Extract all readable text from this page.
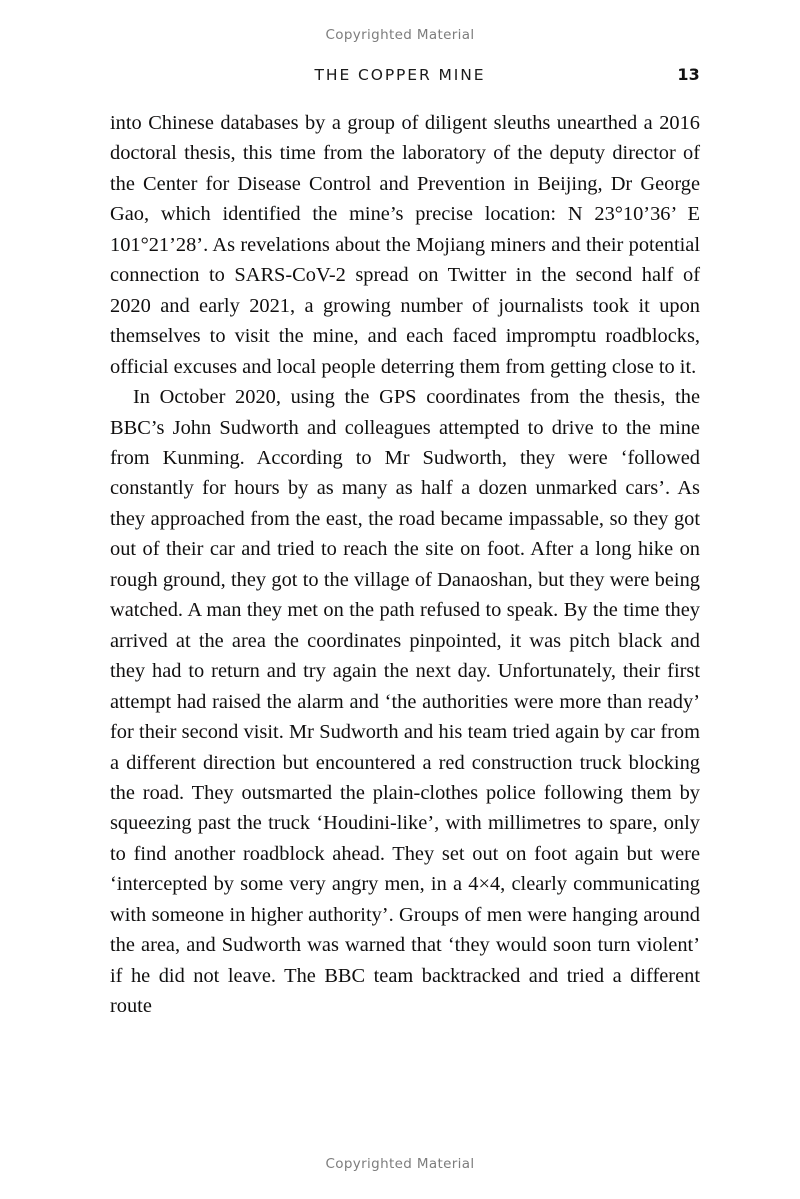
Copyrighted Material
THE COPPER MINE	13

into Chinese databases by a group of diligent sleuths unearthed a 2016 doctoral thesis, this time from the laboratory of the deputy director of the Center for Disease Control and Prevention in Beijing, Dr George Gao, which identified the mine’s precise location: N 23°10’36’ E 101°21’28’. As revelations about the Mojiang miners and their potential connection to SARS-CoV-2 spread on Twitter in the second half of 2020 and early 2021, a growing number of journalists took it upon themselves to visit the mine, and each faced impromptu roadblocks, official excuses and local people deterring them from getting close to it.

In October 2020, using the GPS coordinates from the thesis, the BBC’s John Sudworth and colleagues attempted to drive to the mine from Kunming. According to Mr Sudworth, they were ‘followed constantly for hours by as many as half a dozen unmarked cars’. As they approached from the east, the road became impassable, so they got out of their car and tried to reach the site on foot. After a long hike on rough ground, they got to the village of Danaoshan, but they were being watched. A man they met on the path refused to speak. By the time they arrived at the area the coordinates pinpointed, it was pitch black and they had to return and try again the next day. Unfortunately, their first attempt had raised the alarm and ‘the authorities were more than ready’ for their second visit. Mr Sudworth and his team tried again by car from a different direction but encountered a red construction truck blocking the road. They outsmarted the plain-clothes police following them by squeezing past the truck ‘Houdini-like’, with millimetres to spare, only to find another roadblock ahead. They set out on foot again but were ‘intercepted by some very angry men, in a 4×4, clearly communicating with someone in higher authority’. Groups of men were hanging around the area, and Sudworth was warned that ‘they would soon turn violent’ if he did not leave. The BBC team backtracked and tried a different route

Copyrighted Material
